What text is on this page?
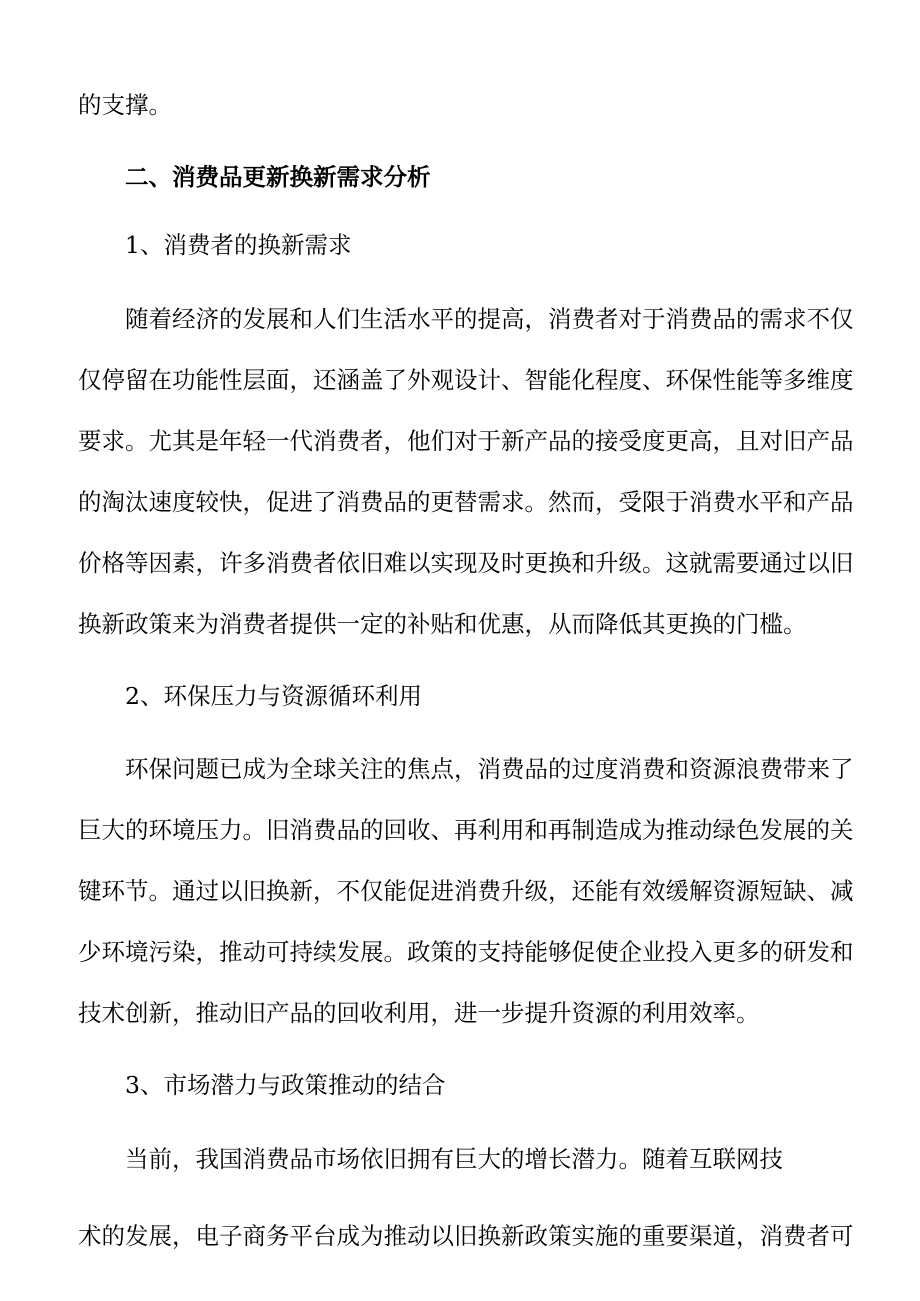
的支撑。

二、消费品更新换新需求分析

1、消费者的换新需求

随着经济的发展和人们生活水平的提高，消费者对于消费品的需求不仅

仅停留在功能性层面，还涵盖了外观设计、智能化程度、环保性能等多维度

要求。尤其是年轻一代消费者，他们对于新产品的接受度更高，且对旧产品

的淘汰速度较快，促进了消费品的更替需求。然而，受限于消费水平和产品

价格等因素，许多消费者依旧难以实现及时更换和升级。这就需要通过以旧

换新政策来为消费者提供一定的补贴和优惠，从而降低其更换的门槛。

2、环保压力与资源循环利用

环保问题已成为全球关注的焦点，消费品的过度消费和资源浪费带来了

巨大的环境压力。旧消费品的回收、再利用和再制造成为推动绿色发展的关

键环节。通过以旧换新，不仅能促进消费升级，还能有效缓解资源短缺、减

少环境污染，推动可持续发展。政策的支持能够促使企业投入更多的研发和

技术创新，推动旧产品的回收利用，进一步提升资源的利用效率。

3、市场潜力与政策推动的结合

当前，我国消费品市场依旧拥有巨大的增长潜力。随着互联网技

术的发展，电子商务平台成为推动以旧换新政策实施的重要渠道，消费者可
